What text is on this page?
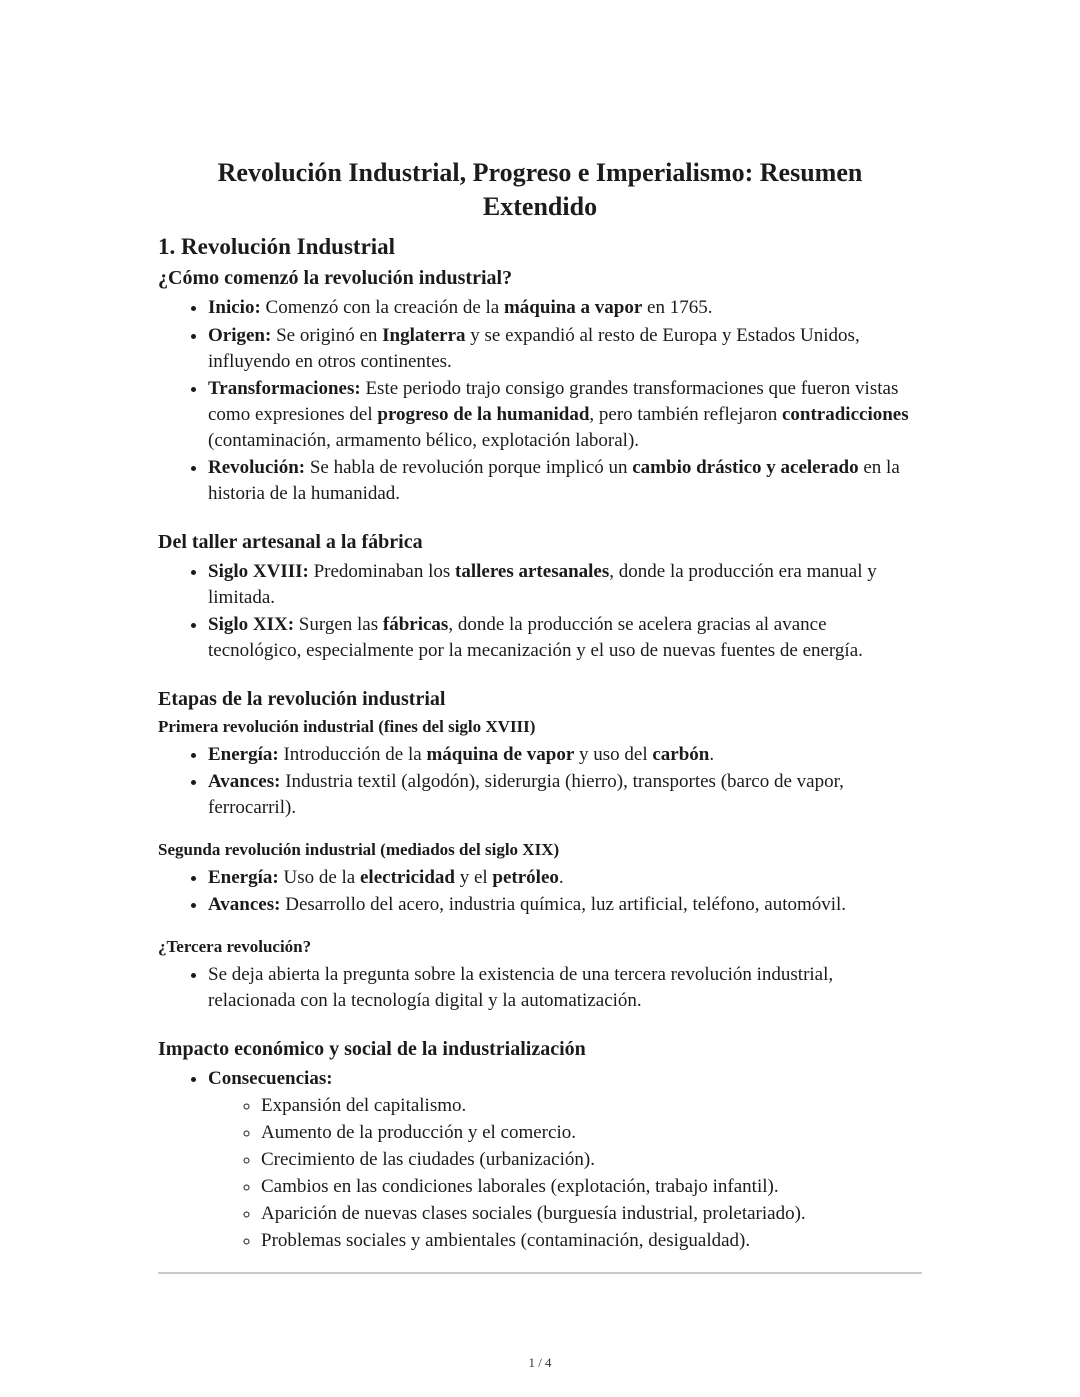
Revolución Industrial, Progreso e Imperialismo: Resumen Extendido
1. Revolución Industrial
¿Cómo comenzó la revolución industrial?
• Inicio: Comenzó con la creación de la máquina a vapor en 1765.
• Origen: Se originó en Inglaterra y se expandió al resto de Europa y Estados Unidos, influyendo en otros continentes.
• Transformaciones: Este periodo trajo consigo grandes transformaciones que fueron vistas como expresiones del progreso de la humanidad, pero también reflejaron contradicciones (contaminación, armamento bélico, explotación laboral).
• Revolución: Se habla de revolución porque implicó un cambio drástico y acelerado en la historia de la humanidad.
Del taller artesanal a la fábrica
• Siglo XVIII: Predominaban los talleres artesanales, donde la producción era manual y limitada.
• Siglo XIX: Surgen las fábricas, donde la producción se acelera gracias al avance tecnológico, especialmente por la mecanización y el uso de nuevas fuentes de energía.
Etapas de la revolución industrial
Primera revolución industrial (fines del siglo XVIII)
• Energía: Introducción de la máquina de vapor y uso del carbón.
• Avances: Industria textil (algodón), siderurgia (hierro), transportes (barco de vapor, ferrocarril).
Segunda revolución industrial (mediados del siglo XIX)
• Energía: Uso de la electricidad y el petróleo.
• Avances: Desarrollo del acero, industria química, luz artificial, teléfono, automóvil.
¿Tercera revolución?
• Se deja abierta la pregunta sobre la existencia de una tercera revolución industrial, relacionada con la tecnología digital y la automatización.
Impacto económico y social de la industrialización
• Consecuencias:
◦ Expansión del capitalismo.
◦ Aumento de la producción y el comercio.
◦ Crecimiento de las ciudades (urbanización).
◦ Cambios en las condiciones laborales (explotación, trabajo infantil).
◦ Aparición de nuevas clases sociales (burguesía industrial, proletariado).
◦ Problemas sociales y ambientales (contaminación, desigualdad).
1 / 4
